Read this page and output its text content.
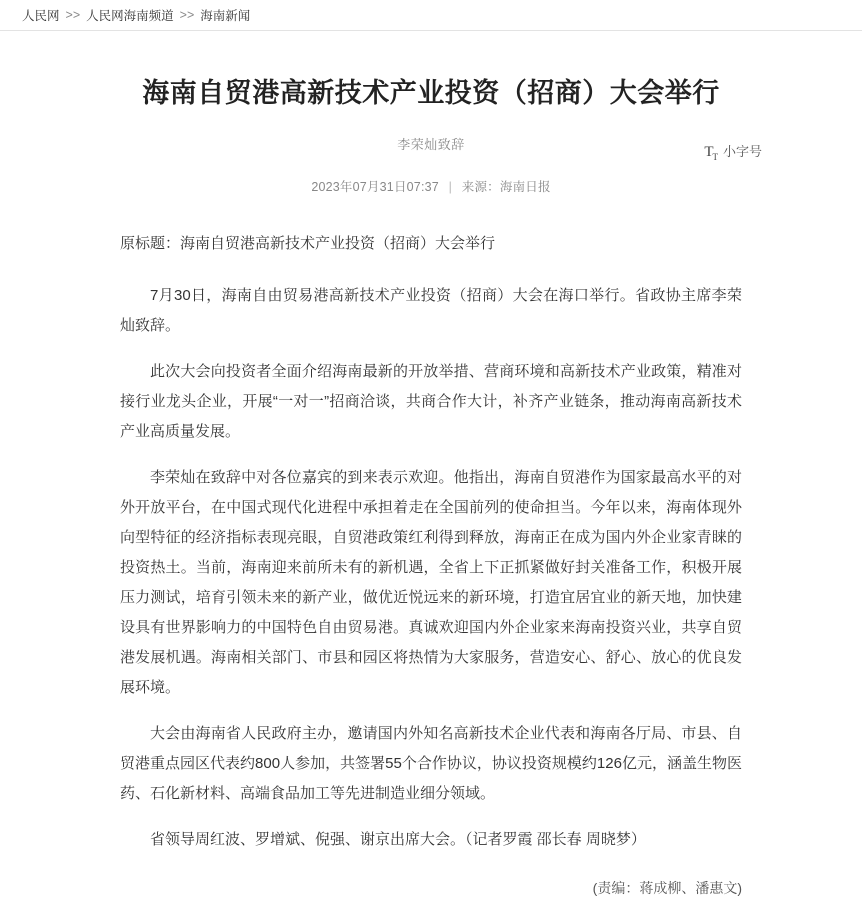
人民网 >> 人民网海南频道 >> 海南新闻
海南自贸港高新技术产业投资（招商）大会举行
李荣灿致辞
2023年07月31日07:37 | 来源：海南日报
$T_T$ 小字号

原标题：海南自贸港高新技术产业投资（招商）大会举行

7月30日，海南自由贸易港高新技术产业投资（招商）大会在海口举行。省政协主席李荣灿致辞。

此次大会向投资者全面介绍海南最新的开放举措、营商环境和高新技术产业政策，精准对接行业龙头企业，开展“一对一”招商洽谈，共商合作大计，补齐产业链条，推动海南高新技术产业高质量发展。

李荣灿在致辞中对各位嘉宾的到来表示欢迎。他指出，海南自贸港作为国家最高水平的对外开放平台，在中国式现代化进程中承担着走在全国前列的使命担当。今年以来，海南体现外向型特征的经济指标表现亮眼，自贸港政策红利得到释放，海南正在成为国内外企业家青睐的投资热土。当前，海南迎来前所未有的新机遇，全省上下正抓紧做好封关准备工作，积极开展压力测试，培育引领未来的新产业，做优近悦远来的新环境，打造宜居宜业的新天地，加快建设具有世界影响力的中国特色自由贸易港。真诚欢迎国内外企业家来海南投资兴业，共享自贸港发展机遇。海南相关部门、市县和园区将热情为大家服务，营造安心、舒心、放心的优良发展环境。

大会由海南省人民政府主办，邀请国内外知名高新技术企业代表和海南各厅局、市县、自贸港重点园区代表约800人参加，共签署55个合作协议，协议投资规模约126亿元，涵盖生物医药、石化新材料、高端食品加工等先进制造业细分领域。

省领导周红波、罗增斌、倪强、谢京出席大会。（记者罗霞 邵长春 周晓梦）

(责编：蒋成柳、潘惠文)
